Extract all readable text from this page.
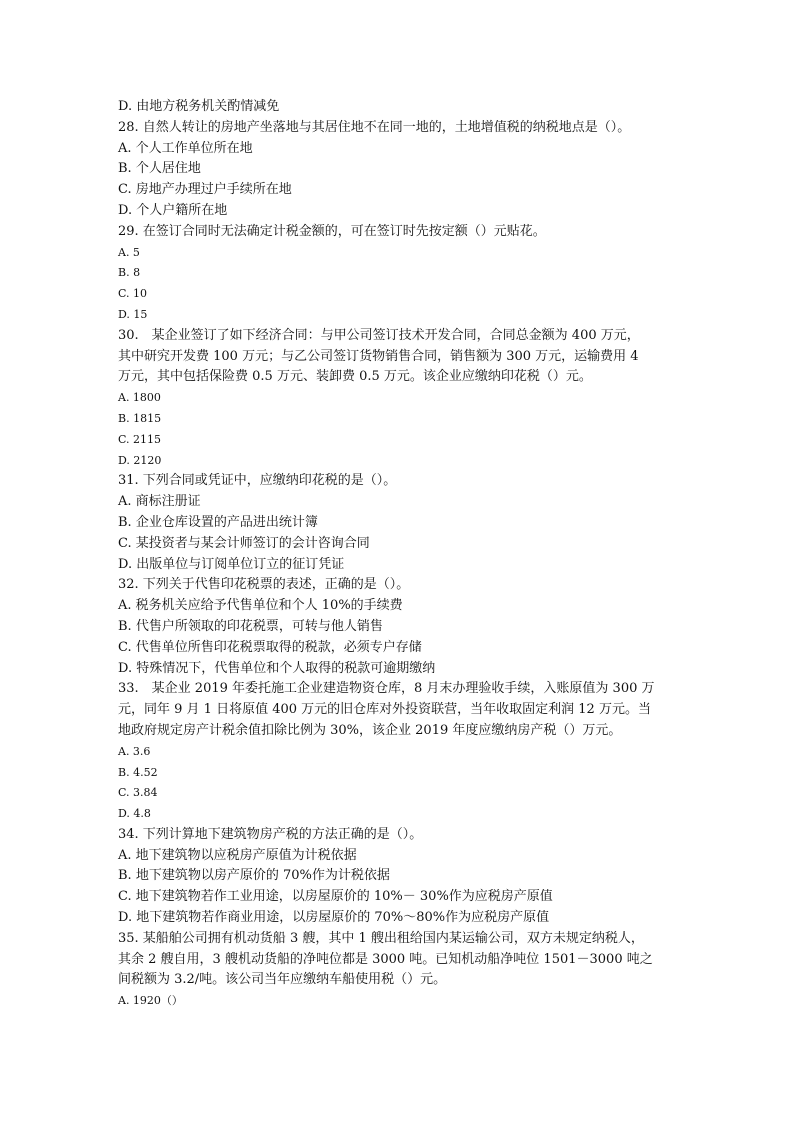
D. 由地方税务机关酌情减免
28. 自然人转让的房地产坐落地与其居住地不在同一地的，土地增值税的纳税地点是（）。
A. 个人工作单位所在地
B. 个人居住地
C. 房地产办理过户手续所在地
D. 个人户籍所在地
29. 在签订合同时无法确定计税金额的，可在签订时先按定额（）元贴花。
A. 5
B. 8
C. 10
D. 15
30.　某企业签订了如下经济合同：与甲公司签订技术开发合同，合同总金额为 400 万元，
其中研究开发费 100 万元；与乙公司签订货物销售合同，销售额为 300 万元，运输费用 4
万元，其中包括保险费 0.5 万元、装卸费 0.5 万元。该企业应缴纳印花税（）元。
A. 1800
B. 1815
C. 2115
D. 2120
31. 下列合同或凭证中，应缴纳印花税的是（）。
A. 商标注册证
B. 企业仓库设置的产品进出统计簿
C. 某投资者与某会计师签订的会计咨询合同
D. 出版单位与订阅单位订立的征订凭证
32. 下列关于代售印花税票的表述，正确的是（）。
A. 税务机关应给予代售单位和个人 10%的手续费
B. 代售户所领取的印花税票，可转与他人销售
C. 代售单位所售印花税票取得的税款，必须专户存储
D. 特殊情况下，代售单位和个人取得的税款可逾期缴纳
33.　某企业 2019 年委托施工企业建造物资仓库，8 月末办理验收手续，入账原值为 300 万
元，同年 9 月 1 日将原值 400 万元的旧仓库对外投资联营，当年收取固定利润 12 万元。当
地政府规定房产计税余值扣除比例为 30%，该企业 2019 年度应缴纳房产税（）万元。
A. 3.6
B. 4.52
C. 3.84
D. 4.8
34. 下列计算地下建筑物房产税的方法正确的是（）。
A. 地下建筑物以应税房产原值为计税依据
B. 地下建筑物以房产原价的 70%作为计税依据
C. 地下建筑物若作工业用途，以房屋原价的 10%－ 30%作为应税房产原值
D. 地下建筑物若作商业用途，以房屋原价的 70%～80%作为应税房产原值
35. 某船舶公司拥有机动货船 3 艘，其中 1 艘出租给国内某运输公司，双方未规定纳税人，
其余 2 艘自用，3 艘机动货船的净吨位都是 3000 吨。已知机动船净吨位 1501－3000 吨之
间税额为 3.2/吨。该公司当年应缴纳车船使用税（）元。
A. 1920（）
